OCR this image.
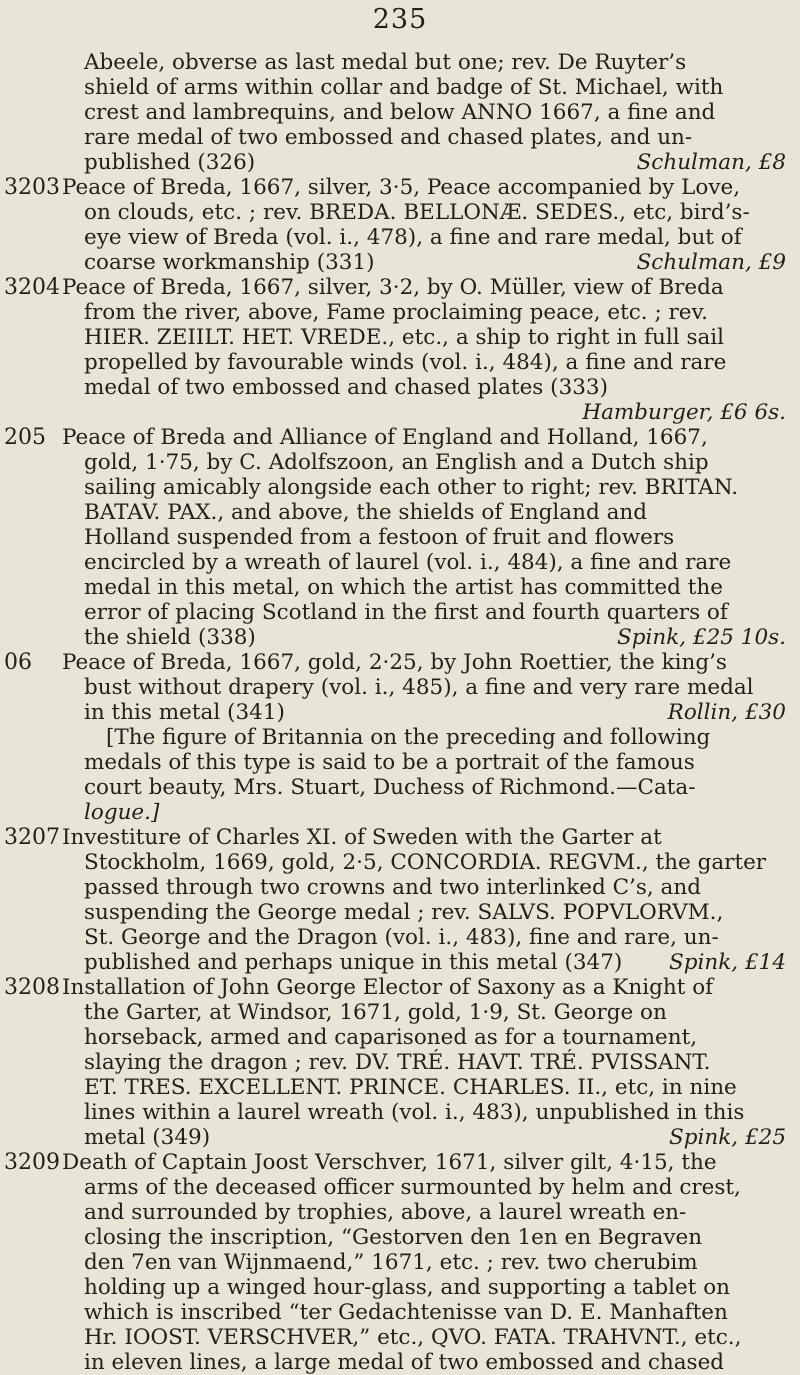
235
Abeele, obverse as last medal but one; rev. De Ruyter’s
shield of arms within collar and badge of St. Michael, with
crest and lambrequins, and below ANNO 1667, a fine and
rare medal of two embossed and chased plates, and un-
published (326)	Schulman, £8
3203 Peace of Breda, 1667, silver, 3·5, Peace accompanied by Love,
on clouds, etc. ; rev. BREDA. BELLONÆ. SEDES., etc, bird’s-
eye view of Breda (vol. i., 478), a fine and rare medal, but of
coarse workmanship (331)	Schulman, £9
3204 Peace of Breda, 1667, silver, 3·2, by O. Müller, view of Breda
from the river, above, Fame proclaiming peace, etc. ; rev.
HIER. ZEIILT. HET. VREDE., etc., a ship to right in full sail
propelled by favourable winds (vol. i., 484), a fine and rare
medal of two embossed and chased plates (333)
Hamburger, £6 6s.
205 Peace of Breda and Alliance of England and Holland, 1667,
gold, 1·75, by C. Adolfszoon, an English and a Dutch ship
sailing amicably alongside each other to right; rev. BRITAN.
BATAV. PAX., and above, the shields of England and
Holland suspended from a festoon of fruit and flowers
encircled by a wreath of laurel (vol. i., 484), a fine and rare
medal in this metal, on which the artist has committed the
error of placing Scotland in the first and fourth quarters of
the shield (338)	Spink, £25 10s.
06	Peace of Breda, 1667, gold, 2·25, by John Roettier, the king’s
bust without drapery (vol. i., 485), a fine and very rare medal
in this metal (341)	Rollin, £30
[The figure of Britannia on the preceding and following
medals of this type is said to be a portrait of the famous
court beauty, Mrs. Stuart, Duchess of Richmond.—Cata-
logue.]
3207 Investiture of Charles XI. of Sweden with the Garter at
Stockholm, 1669, gold, 2·5, CONCORDIA. REGVM., the garter
passed through two crowns and two interlinked C’s, and
suspending the George medal ; rev. SALVS. POPVLORVM.,
St. George and the Dragon (vol. i., 483), fine and rare, un-
published and perhaps unique in this metal (347) Spink, £14
3208 Installation of John George Elector of Saxony as a Knight of
the Garter, at Windsor, 1671, gold, 1·9, St. George on
horseback, armed and caparisoned as for a tournament,
slaying the dragon ; rev. DV. TRÉ. HAVT. TRÉ. PVISSANT.
ET. TRES. EXCELLENT. PRINCE. CHARLES. II., etc, in nine
lines within a laurel wreath (vol. i., 483), unpublished in this
metal (349)	Spink, £25
3209 Death of Captain Joost Verschver, 1671, silver gilt, 4·15, the
arms of the deceased officer surmounted by helm and crest,
and surrounded by trophies, above, a laurel wreath en-
closing the inscription, “Gestorven den 1en en Begraven
den 7en van Wijnmaend,” 1671, etc. ; rev. two cherubim
holding up a winged hour-glass, and supporting a tablet on
which is inscribed “ter Gedachtenisse van D. E. Manhaften
Hr. IOOST. VERSCHVER,” etc., QVO. FATA. TRAHVNT., etc.,
in eleven lines, a large medal of two embossed and chased
